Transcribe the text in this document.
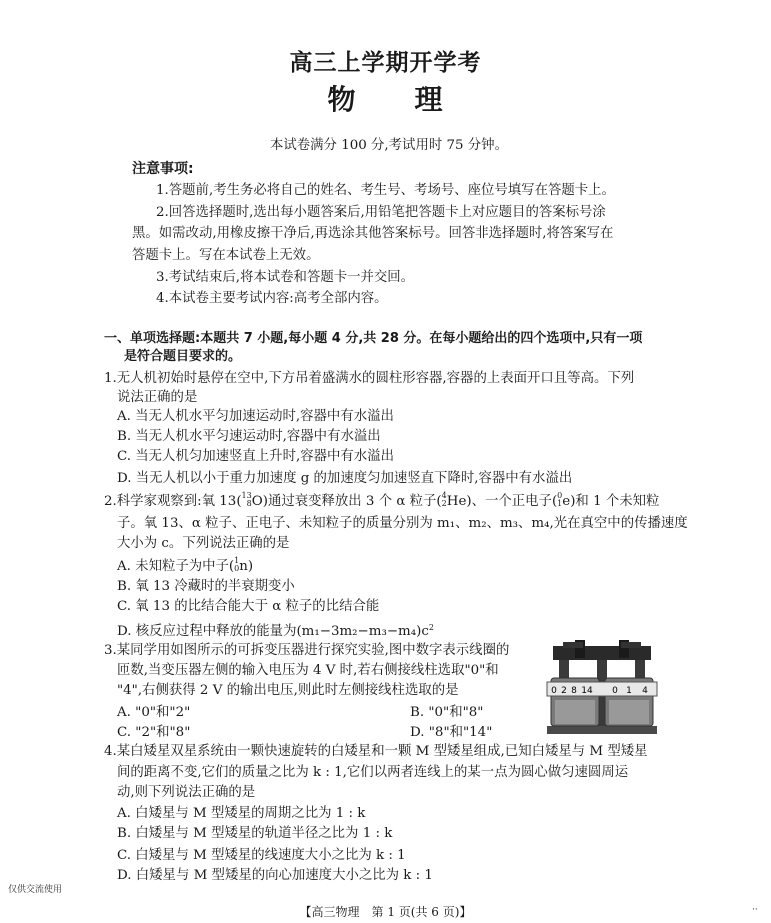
高三上学期开学考
物　　理
本试卷满分 100 分,考试用时 75 分钟。
注意事项:
1.答题前,考生务必将自己的姓名、考生号、考场号、座位号填写在答题卡上。
2.回答选择题时,选出每小题答案后,用铅笔把答题卡上对应题目的答案标号涂
黑。如需改动,用橡皮擦干净后,再选涂其他答案标号。回答非选择题时,将答案写在
答题卡上。写在本试卷上无效。
3.考试结束后,将本试卷和答题卡一并交回。
4.本试卷主要考试内容:高考全部内容。
一、单项选择题:本题共 7 小题,每小题 4 分,共 28 分。在每小题给出的四个选项中,只有一项
是符合题目要求的。
1.无人机初始时悬停在空中,下方吊着盛满水的圆柱形容器,容器的上表面开口且等高。下列
说法正确的是
A. 当无人机水平匀加速运动时,容器中有水溢出
B. 当无人机水平匀速运动时,容器中有水溢出
C. 当无人机匀加速竖直上升时,容器中有水溢出
D. 当无人机以小于重力加速度 g 的加速度匀加速竖直下降时,容器中有水溢出
2.科学家观察到:氧 13( 13
8 O)通过衰变释放出 3 个 α 粒子( 4
2 He)、一个正电子( 0
1 e)和 1 个未知粒
子。氧 13、α 粒子、正电子、未知粒子的质量分别为 m₁、m₂、m₃、m₄,光在真空中的传播速度
大小为 c。下列说法正确的是
A. 未知粒子为中子( 1
0 n)
B. 氧 13 冷藏时的半衰期变小
C. 氧 13 的比结合能大于 α 粒子的比结合能
D. 核反应过程中释放的能量为$(m_1-3m_2-m_3-m_4)c^2$
3.某同学用如图所示的可拆变压器进行探究实验,图中数字表示线圈的
匝数,当变压器左侧的输入电压为 4 V 时,若右侧接线柱选取"0"和
"4",右侧获得 2 V 的输出电压,则此时左侧接线柱选取的是
A. "0"和"2"	B. "0"和"8"
C. "2"和"8"	D. "8"和"14"
0 2 8 14 0 1 4
4.某白矮星双星系统由一颗快速旋转的白矮星和一颗 M 型矮星组成,已知白矮星与 M 型矮星
间的距离不变,它们的质量之比为 k : 1,它们以两者连线上的某一点为圆心做匀速圆周运
动,则下列说法正确的是
A. 白矮星与 M 型矮星的周期之比为 1 : k
B. 白矮星与 M 型矮星的轨道半径之比为 1 : k
C. 白矮星与 M 型矮星的线速度大小之比为 k : 1
D. 白矮星与 M 型矮星的向心加速度大小之比为 k : 1
仅供交流使用
【高三物理　第 1 页(共 6 页)】	··
